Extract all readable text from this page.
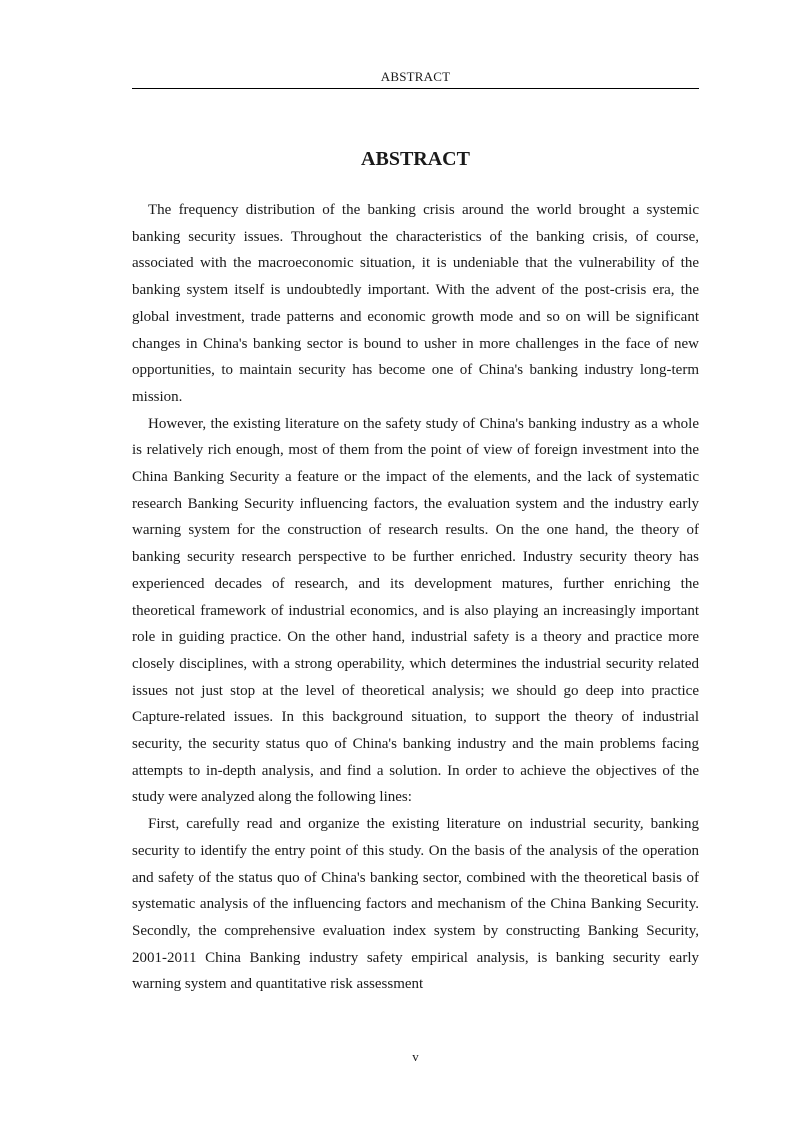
ABSTRACT
ABSTRACT

The frequency distribution of the banking crisis around the world brought a systemic banking security issues. Throughout the characteristics of the banking crisis, of course, associated with the macroeconomic situation, it is undeniable that the vulnerability of the banking system itself is undoubtedly important. With the advent of the post-crisis era, the global investment, trade patterns and economic growth mode and so on will be significant changes in China's banking sector is bound to usher in more challenges in the face of new opportunities, to maintain security has become one of China's banking industry long-term mission.

However, the existing literature on the safety study of China's banking industry as a whole is relatively rich enough, most of them from the point of view of foreign investment into the China Banking Security a feature or the impact of the elements, and the lack of systematic research Banking Security influencing factors, the evaluation system and the industry early warning system for the construction of research results. On the one hand, the theory of banking security research perspective to be further enriched. Industry security theory has experienced decades of research, and its development matures, further enriching the theoretical framework of industrial economics, and is also playing an increasingly important role in guiding practice. On the other hand, industrial safety is a theory and practice more closely disciplines, with a strong operability, which determines the industrial security related issues not just stop at the level of theoretical analysis; we should go deep into practice Capture-related issues. In this background situation, to support the theory of industrial security, the security status quo of China's banking industry and the main problems facing attempts to in-depth analysis, and find a solution. In order to achieve the objectives of the study were analyzed along the following lines:

First, carefully read and organize the existing literature on industrial security, banking security to identify the entry point of this study. On the basis of the analysis of the operation and safety of the status quo of China's banking sector, combined with the theoretical basis of systematic analysis of the influencing factors and mechanism of the China Banking Security. Secondly, the comprehensive evaluation index system by constructing Banking Security, 2001-2011 China Banking industry safety empirical analysis, is banking security early warning system and quantitative risk assessment

v
